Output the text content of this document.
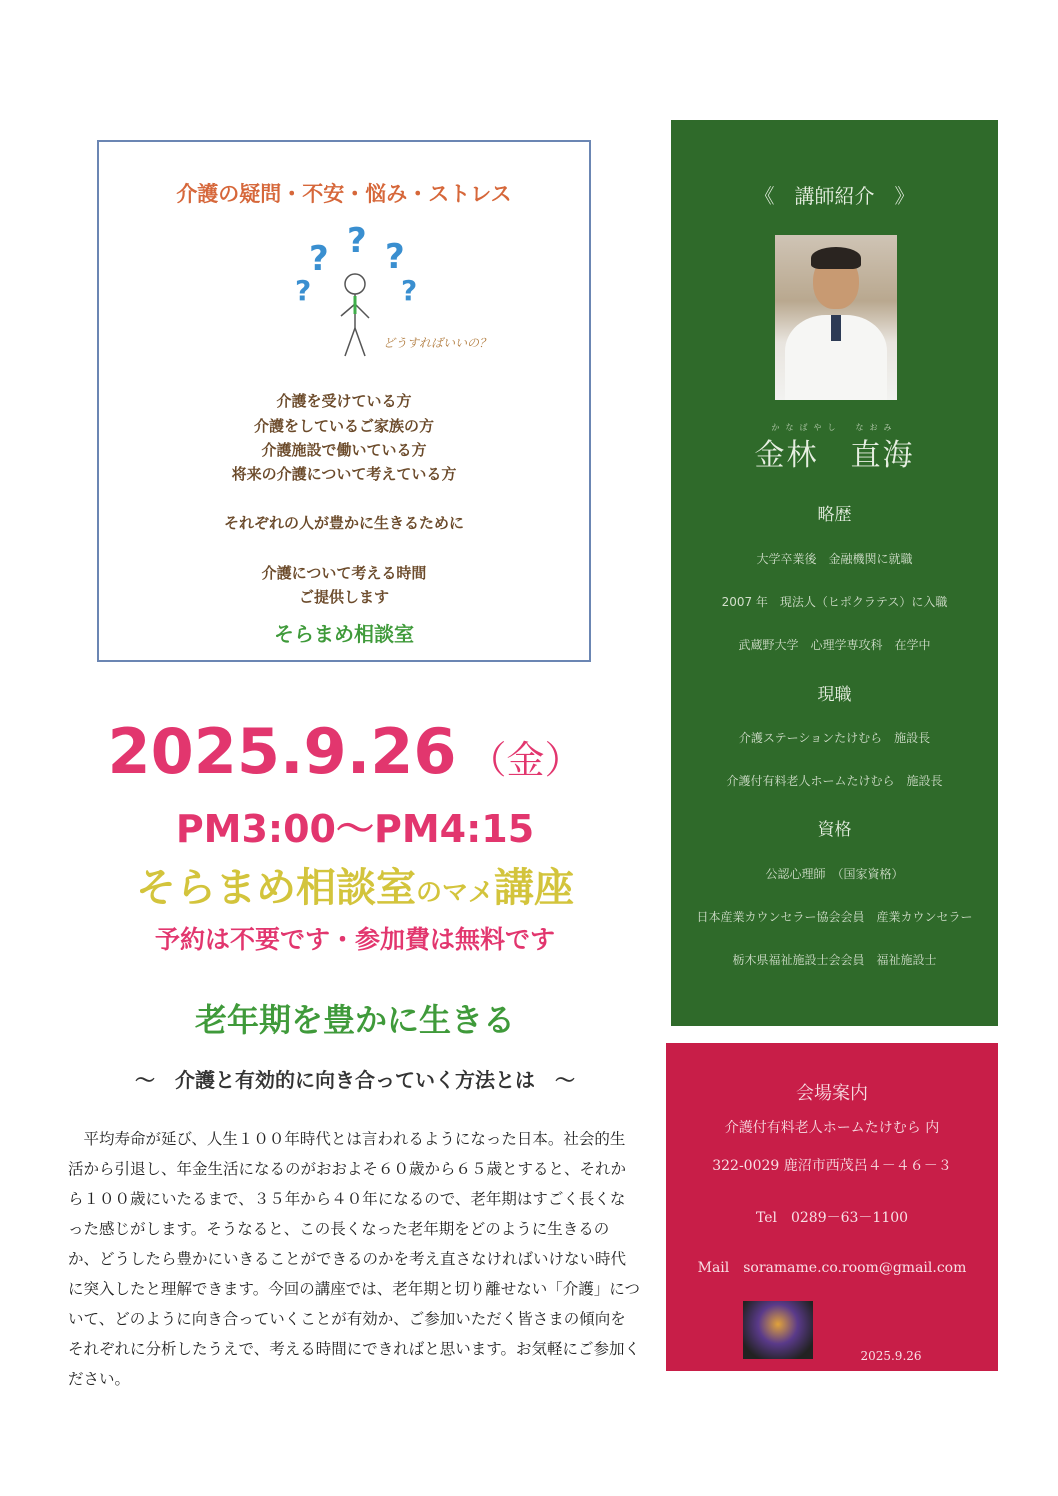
介護の疑問・不安・悩み・ストレス
? ? ?
?	?
どうすればいいの？
介護を受けている方
介護をしているご家族の方
介護施設で働いている方
将来の介護について考えている方
それぞれの人が豊かに生きるために
介護について考える時間
ご提供します
そらまめ相談室
2025.9.26 （金）
PM3:00～PM4:15
そらまめ相談室のマメ講座
予約は不要です・参加費は無料です
老年期を豊かに生きる
～　介護と有効的に向き合っていく方法とは　～
平均寿命が延び、人生１００年時代とは言われるようになった日本。社会的生活から引退し、年金生活になるのがおおよそ６０歳から６５歳とすると、それから１００歳にいたるまで、３５年から４０年になるので、老年期はすごく長くなった感じがします。そうなると、この長くなった老年期をどのように生きるのか、どうしたら豊かにいきることができるのかを考え直さなければいけない時代に突入したと理解できます。今回の講座では、老年期と切り離せない「介護」について、どのように向き合っていくことが有効か、ご参加いただく皆さまの傾向をそれぞれに分析したうえで、考える時間にできればと思います。お気軽にご参加ください。
《　講師紹介　》
かなばやし　なおみ
金林　直海
略歴
大学卒業後　金融機関に就職
2007 年　現法人（ヒポクラテス）に入職
武蔵野大学　心理学専攻科　在学中
現職
介護ステーションたけむら　施設長
介護付有料老人ホームたけむら　施設長
資格
公認心理師　（国家資格）
日本産業カウンセラー協会会員　産業カウンセラー
栃木県福祉施設士会会員　福祉施設士
会場案内
介護付有料老人ホームたけむら 内
322-0029 鹿沼市西茂呂４－４６－３
Tel　0289－63－1100
Mail　soramame.co.room@gmail.com
2025.9.26
